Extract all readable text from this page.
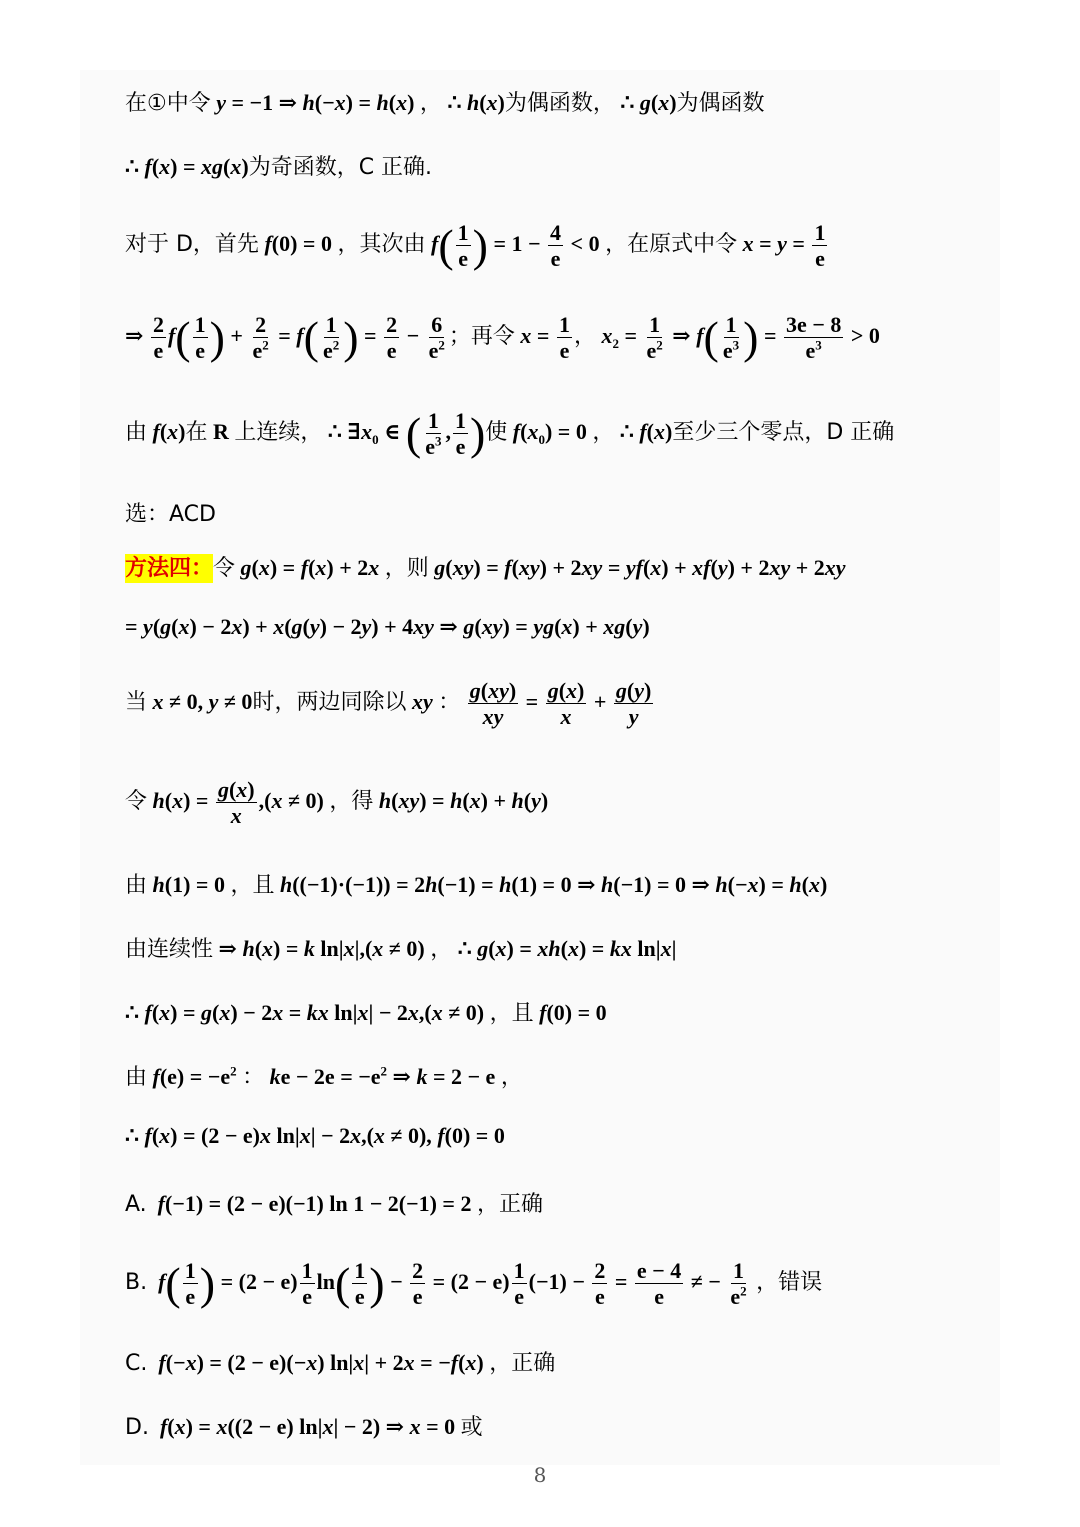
在①中令 y = −1 ⇒ h(−x) = h(x) ， ∴ h(x)为偶函数， ∴ g(x)为偶函数
∴ f(x) = xg(x)为奇函数，C 正确.
对于 D，首先 f(0) = 0 ，其次由 $f( \frac{1}{e}$ ) = $1 - \frac{4}{e} < 0$ ，在原式中令 $x = y = \frac{1}{e}$
⇒ $\frac{2}{e} f( \frac{1}{e}$ ) + $\frac{2}{e^2} = f( \frac{1}{e^2}$ ) = $\frac{2}{e} - \frac{6}{e^2}$ ；再令 $x = \frac{1}{e}$ ， $x_2 = \frac{1}{e^2}$ ⇒ $f( \frac{1}{e^3}$ ) = $\frac{3e - 8}{e^3} > 0$
由 f(x)在 R 上连续， ∴ $\exists x_0$ ∈ ( $\frac{1}{e^3}$ , $\frac{1}{e}$ )使 $f(x_0) = 0$ ， ∴ f(x)至少三个零点，D 正确
选：ACD
方法四：令 g(x) = f(x) + 2x ，则 g(xy) = f(xy) + 2xy = yf(x) + xf(y) + 2xy + 2xy
= y(g(x) − 2x) + x(g(y) − 2y) + 4xy ⇒ g(xy) = yg(x) + xg(y)
当 x ≠ 0, y ≠ 0时，两边同除以 xy ： $\frac{g(xy)}{xy} = \frac{g(x)}{x} + \frac{g(y)}{y}$
令 $h(x) = \frac{g(x)}{x} ,(x \ne 0)$ ，得 h(xy) = h(x) + h(y)
由 h(1) = 0 ，且 h((−1)·(−1)) = 2h(−1) = h(1) = 0 ⇒ h(−1) = 0 ⇒ h(−x) = h(x)
由连续性 ⇒ h(x) = k ln|x|,(x ≠ 0) ， ∴ g(x) = xh(x) = kx ln|x|
∴ f(x) = g(x) − 2x = kx ln|x| − 2x,(x ≠ 0) ，且 f(0) = 0
由 $f(e) = -e^2$ ： ke − $2e = -e^2$ ⇒ k = 2 − e ，
∴ f(x) = (2 − e)x ln|x| − 2x,(x ≠ 0), f(0) = 0
A. f(−1) = (2 − e)(−1) ln 1 − 2(−1) = 2 ，正确
B. $f( \frac{1}{e}$ ) = $(2 - e) \frac{1}{e} \ln( \frac{1}{e}$ ) − $\frac{2}{e} = (2 - e) \frac{1}{e} (-1) - \frac{2}{e} = \frac{e - 4}{e}$ ≠ − $\frac{1}{e^2}$ ，错误
C. f(−x) = (2 − e)(−x) ln|x| + 2x = −f(x) ，正确
D. f(x) = x((2 − e) ln|x| − 2) ⇒ x = 0 或
8
